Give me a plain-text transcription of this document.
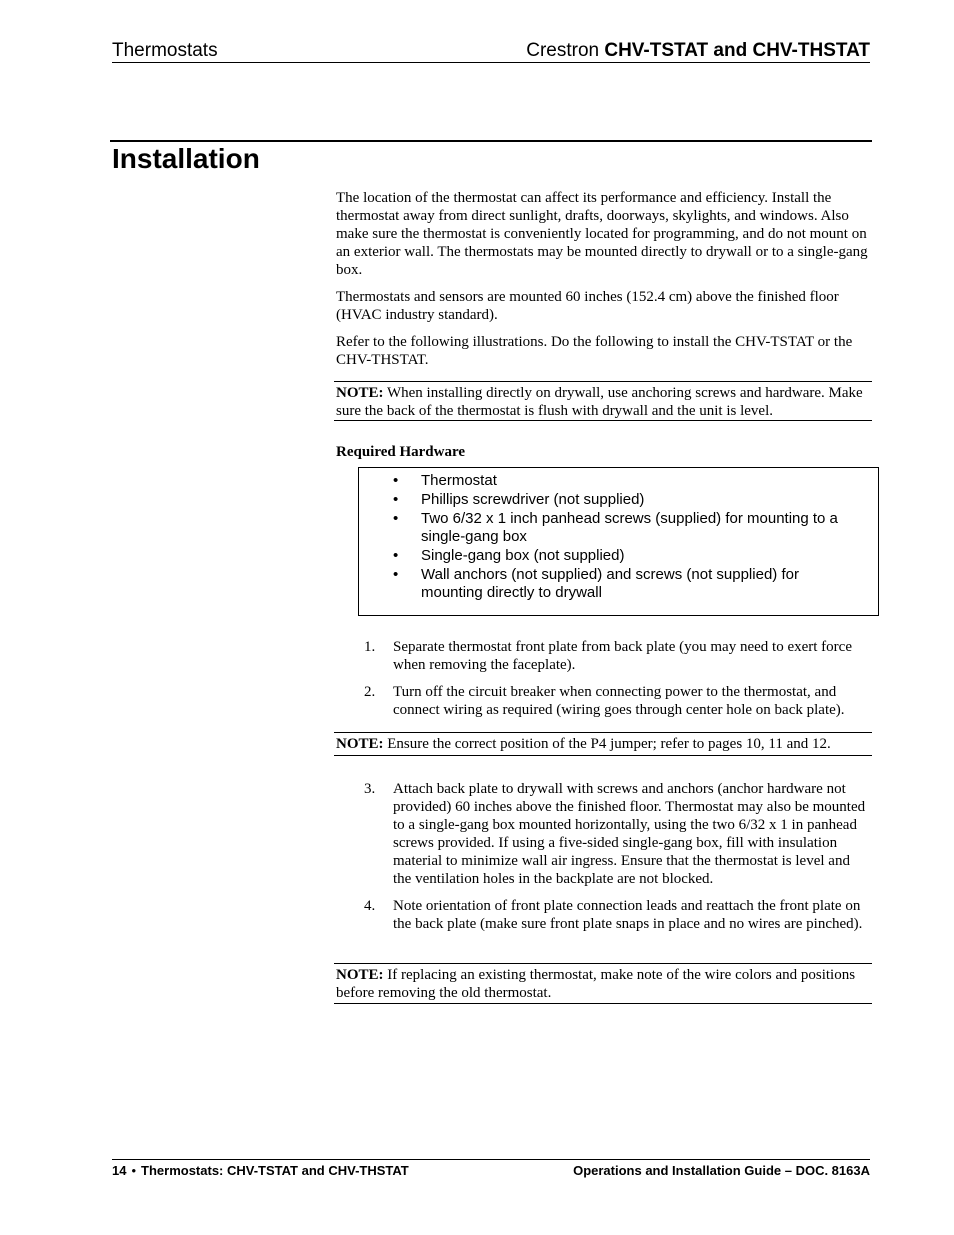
Thermostats	Crestron CHV-TSTAT and CHV-THSTAT
Installation

The location of the thermostat can affect its performance and efficiency. Install the thermostat away from direct sunlight, drafts, doorways, skylights, and windows. Also make sure the thermostat is conveniently located for programming, and do not mount on an exterior wall. The thermostats may be mounted directly to drywall or to a single-gang box.

Thermostats and sensors are mounted 60 inches (152.4 cm) above the finished floor (HVAC industry standard).

Refer to the following illustrations. Do the following to install the CHV-TSTAT or the CHV-THSTAT.

NOTE: When installing directly on drywall, use anchoring screws and hardware. Make sure the back of the thermostat is flush with drywall and the unit is level.
Required Hardware
• Thermostat
• Phillips screwdriver (not supplied)
• Two 6/32 x 1 inch panhead screws (supplied) for mounting to a single-gang box
• Single-gang box (not supplied)
• Wall anchors (not supplied) and screws (not supplied) for mounting directly to drywall
1. Separate thermostat front plate from back plate (you may need to exert force when removing the faceplate).
2. Turn off the circuit breaker when connecting power to the thermostat, and connect wiring as required (wiring goes through center hole on back plate).
NOTE: Ensure the correct position of the P4 jumper; refer to pages 10, 11 and 12.
3. Attach back plate to drywall with screws and anchors (anchor hardware not provided) 60 inches above the finished floor. Thermostat may also be mounted to a single-gang box mounted horizontally, using the two 6/32 x 1 in panhead screws provided. If using a five-sided single-gang box, fill with insulation material to minimize wall air ingress. Ensure that the thermostat is level and the ventilation holes in the backplate are not blocked.
4. Note orientation of front plate connection leads and reattach the front plate on the back plate (make sure front plate snaps in place and no wires are pinched).
NOTE: If replacing an existing thermostat, make note of the wire colors and positions before removing the old thermostat.
14 • Thermostats: CHV-TSTAT and CHV-THSTAT	Operations and Installation Guide – DOC. 8163A
